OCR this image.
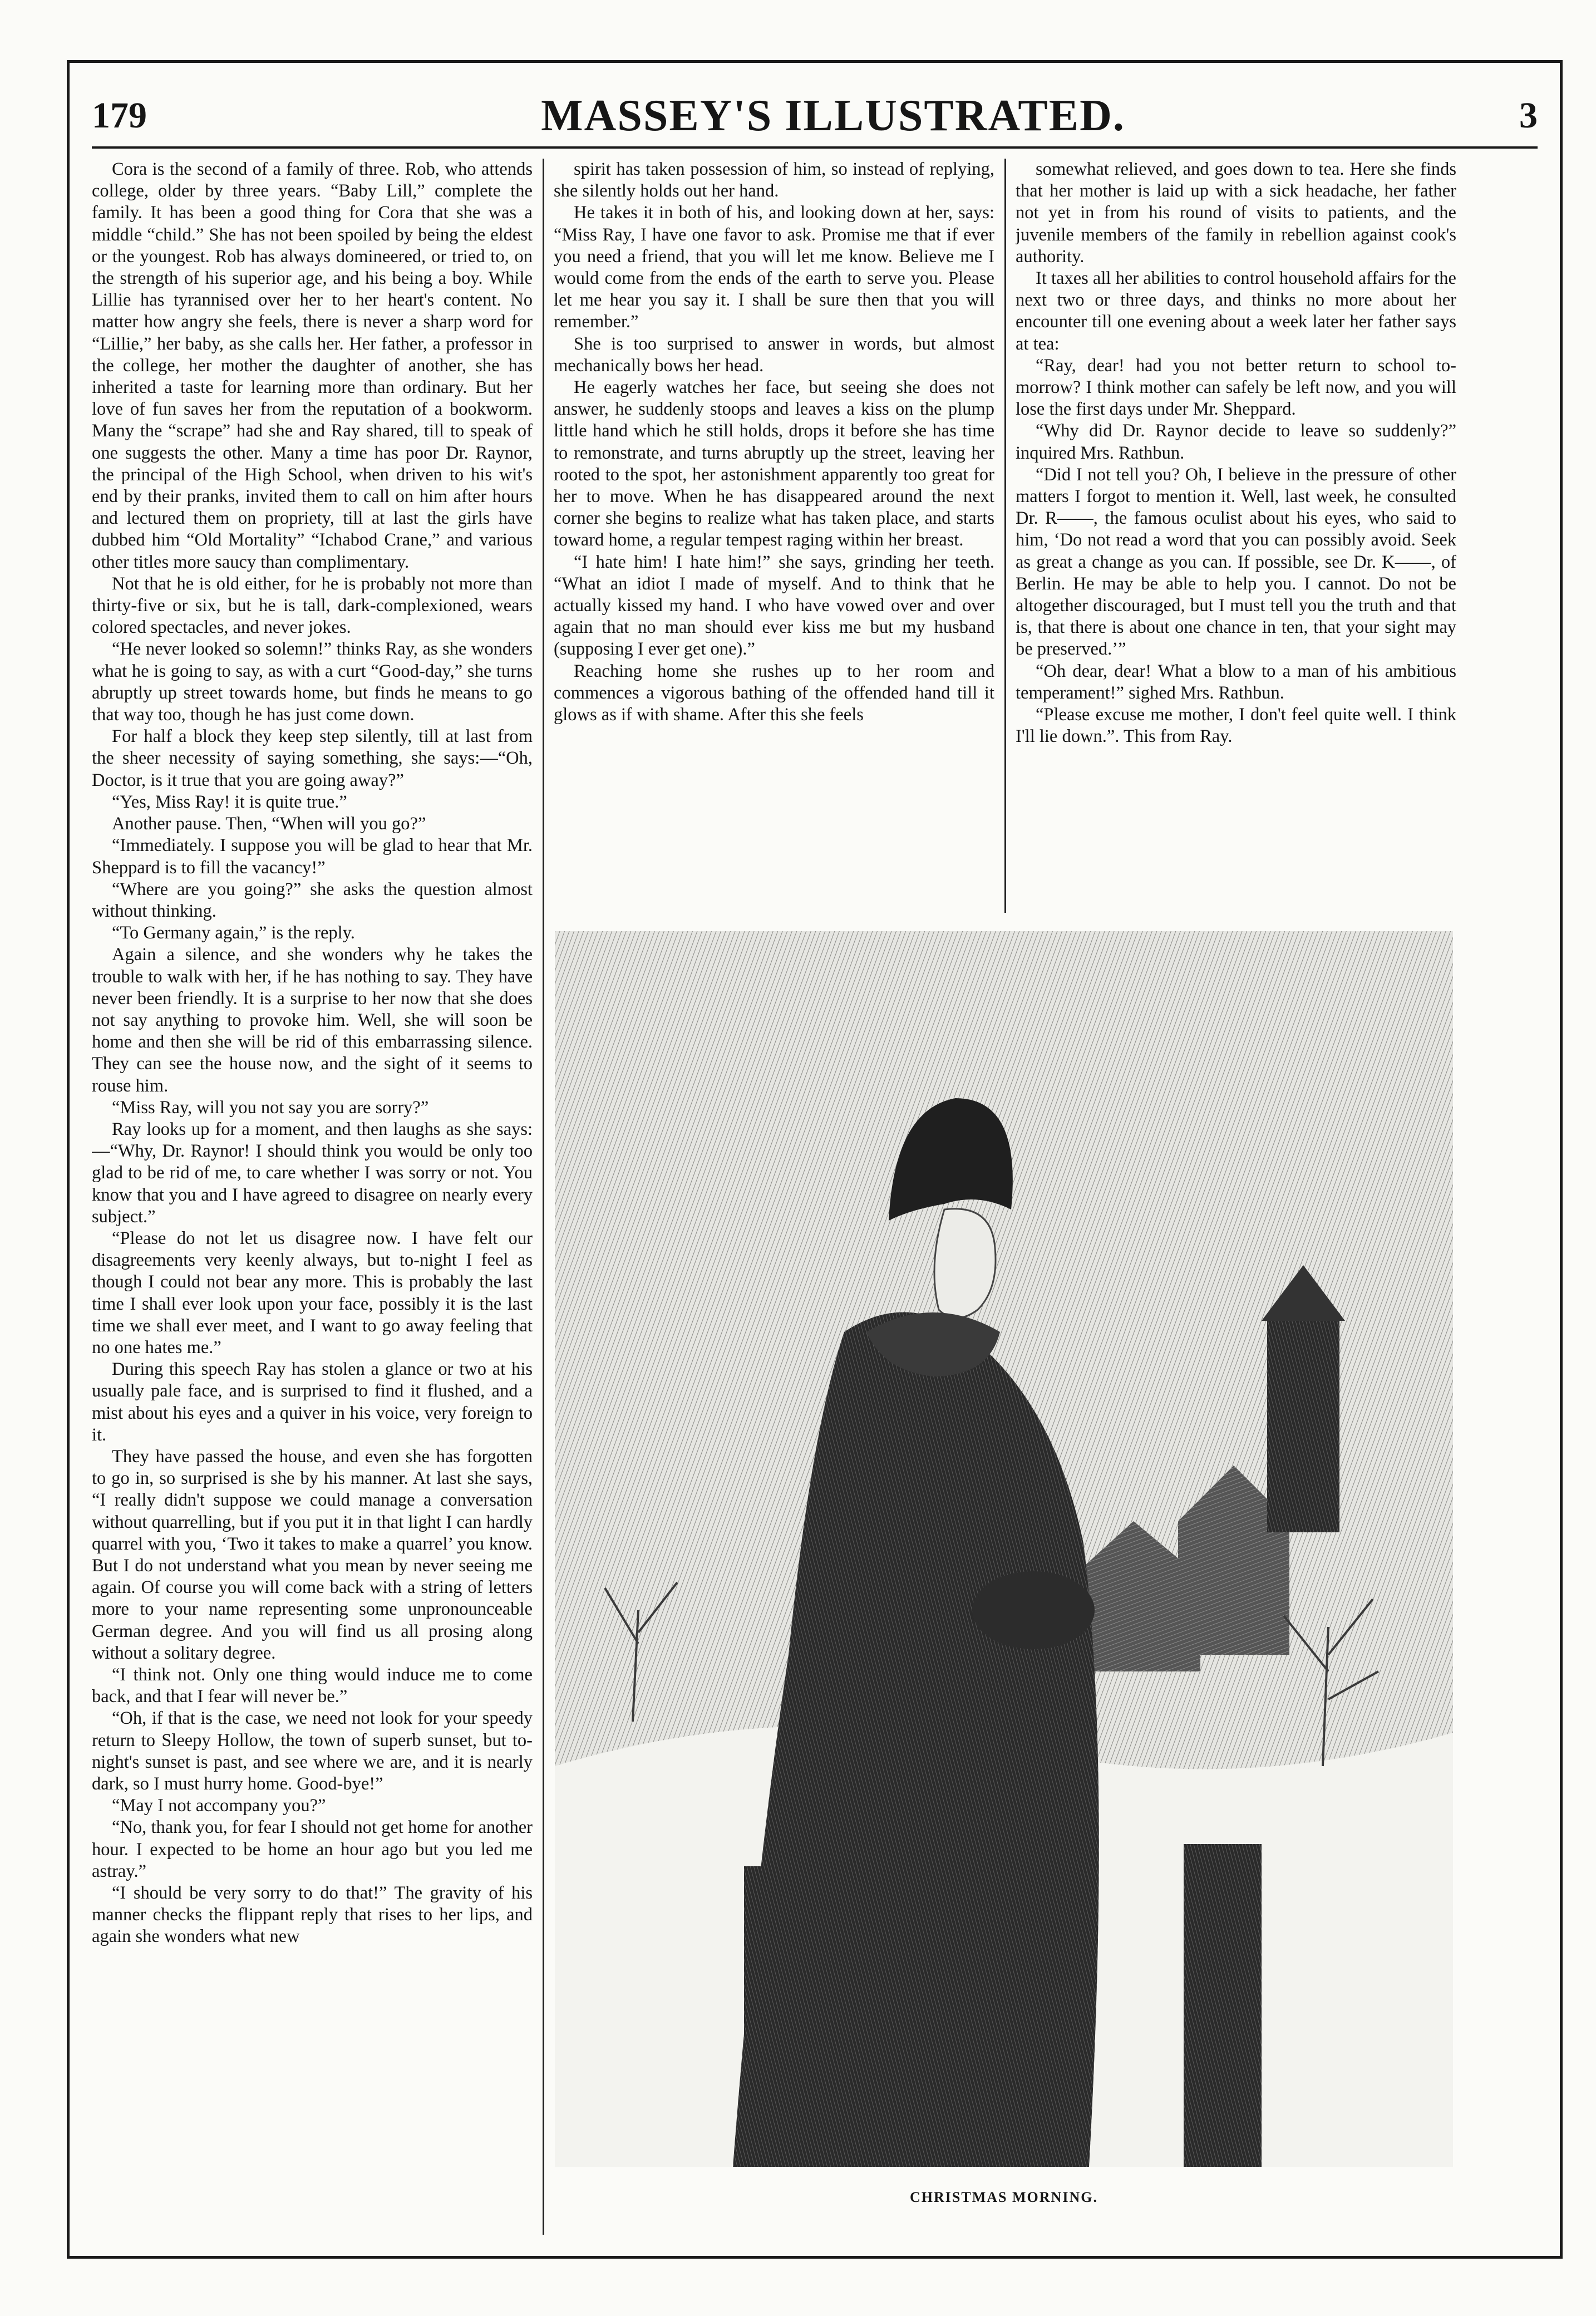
179	MASSEY'S ILLUSTRATED.	3

Cora is the second of a family of three. Rob, who attends college, older by three years. “Baby Lill,” complete the family. It has been a good thing for Cora that she was a middle “child.” She has not been spoiled by being the eldest or the youngest. Rob has always domineered, or tried to, on the strength of his superior age, and his being a boy. While Lillie has tyrannised over her to her heart's content. No matter how angry she feels, there is never a sharp word for “Lillie,” her baby, as she calls her. Her father, a professor in the college, her mother the daughter of another, she has inherited a taste for learning more than ordinary. But her love of fun saves her from the reputation of a bookworm. Many the “scrape” had she and Ray shared, till to speak of one suggests the other. Many a time has poor Dr. Raynor, the principal of the High School, when driven to his wit's end by their pranks, invited them to call on him after hours and lectured them on propriety, till at last the girls have dubbed him “Old Mortality” “Ichabod Crane,” and various other titles more saucy than complimentary.

Not that he is old either, for he is probably not more than thirty-five or six, but he is tall, dark-complexioned, wears colored spectacles, and never jokes.

“He never looked so solemn!” thinks Ray, as she wonders what he is going to say, as with a curt “Good-day,” she turns abruptly up street towards home, but finds he means to go that way too, though he has just come down.

For half a block they keep step silently, till at last from the sheer necessity of saying something, she says:—“Oh, Doctor, is it true that you are going away?”

“Yes, Miss Ray! it is quite true.”

Another pause. Then, “When will you go?”

“Immediately. I suppose you will be glad to hear that Mr. Sheppard is to fill the vacancy!”

“Where are you going?” she asks the question almost without thinking.

“To Germany again,” is the reply.

Again a silence, and she wonders why he takes the trouble to walk with her, if he has nothing to say. They have never been friendly. It is a surprise to her now that she does not say anything to provoke him. Well, she will soon be home and then she will be rid of this embarrassing silence. They can see the house now, and the sight of it seems to rouse him.

“Miss Ray, will you not say you are sorry?”

Ray looks up for a moment, and then laughs as she says:—“Why, Dr. Raynor! I should think you would be only too glad to be rid of me, to care whether I was sorry or not. You know that you and I have agreed to disagree on nearly every subject.”

“Please do not let us disagree now. I have felt our disagreements very keenly always, but to-night I feel as though I could not bear any more. This is probably the last time I shall ever look upon your face, possibly it is the last time we shall ever meet, and I want to go away feeling that no one hates me.”

During this speech Ray has stolen a glance or two at his usually pale face, and is surprised to find it flushed, and a mist about his eyes and a quiver in his voice, very foreign to it.

They have passed the house, and even she has forgotten to go in, so surprised is she by his manner. At last she says, “I really didn't suppose we could manage a conversation without quarrelling, but if you put it in that light I can hardly quarrel with you, ‘Two it takes to make a quarrel’ you know. But I do not understand what you mean by never seeing me again. Of course you will come back with a string of letters more to your name representing some unpronounceable German degree. And you will find us all prosing along without a solitary degree.

“I think not. Only one thing would induce me to come back, and that I fear will never be.”

“Oh, if that is the case, we need not look for your speedy return to Sleepy Hollow, the town of superb sunset, but to-night's sunset is past, and see where we are, and it is nearly dark, so I must hurry home. Good-bye!”

“May I not accompany you?”

“No, thank you, for fear I should not get home for another hour. I expected to be home an hour ago but you led me astray.”

“I should be very sorry to do that!” The gravity of his manner checks the flippant reply that rises to her lips, and again she wonders what new

spirit has taken possession of him, so instead of replying, she silently holds out her hand.

He takes it in both of his, and looking down at her, says: “Miss Ray, I have one favor to ask. Promise me that if ever you need a friend, that you will let me know. Believe me I would come from the ends of the earth to serve you. Please let me hear you say it. I shall be sure then that you will remember.”

She is too surprised to answer in words, but almost mechanically bows her head.

He eagerly watches her face, but seeing she does not answer, he suddenly stoops and leaves a kiss on the plump little hand which he still holds, drops it before she has time to remonstrate, and turns abruptly up the street, leaving her rooted to the spot, her astonishment apparently too great for her to move. When he has disappeared around the next corner she begins to realize what has taken place, and starts toward home, a regular tempest raging within her breast.

“I hate him! I hate him!” she says, grinding her teeth. “What an idiot I made of myself. And to think that he actually kissed my hand. I who have vowed over and over again that no man should ever kiss me but my husband (supposing I ever get one).”

Reaching home she rushes up to her room and commences a vigorous bathing of the offended hand till it glows as if with shame. After this she feels

somewhat relieved, and goes down to tea. Here she finds that her mother is laid up with a sick headache, her father not yet in from his round of visits to patients, and the juvenile members of the family in rebellion against cook's authority.

It taxes all her abilities to control household affairs for the next two or three days, and thinks no more about her encounter till one evening about a week later her father says at tea:

“Ray, dear! had you not better return to school to-morrow? I think mother can safely be left now, and you will lose the first days under Mr. Sheppard.

“Why did Dr. Raynor decide to leave so suddenly?” inquired Mrs. Rathbun.

“Did I not tell you? Oh, I believe in the pressure of other matters I forgot to mention it. Well, last week, he consulted Dr. R——, the famous oculist about his eyes, who said to him, ‘Do not read a word that you can possibly avoid. Seek as great a change as you can. If possible, see Dr. K——, of Berlin. He may be able to help you. I cannot. Do not be altogether discouraged, but I must tell you the truth and that is, that there is about one chance in ten, that your sight may be preserved.’”

“Oh dear, dear! What a blow to a man of his ambitious temperament!” sighed Mrs. Rathbun.

“Please excuse me mother, I don't feel quite well. I think I'll lie down.”. This from Ray.

CHRISTMAS MORNING.
